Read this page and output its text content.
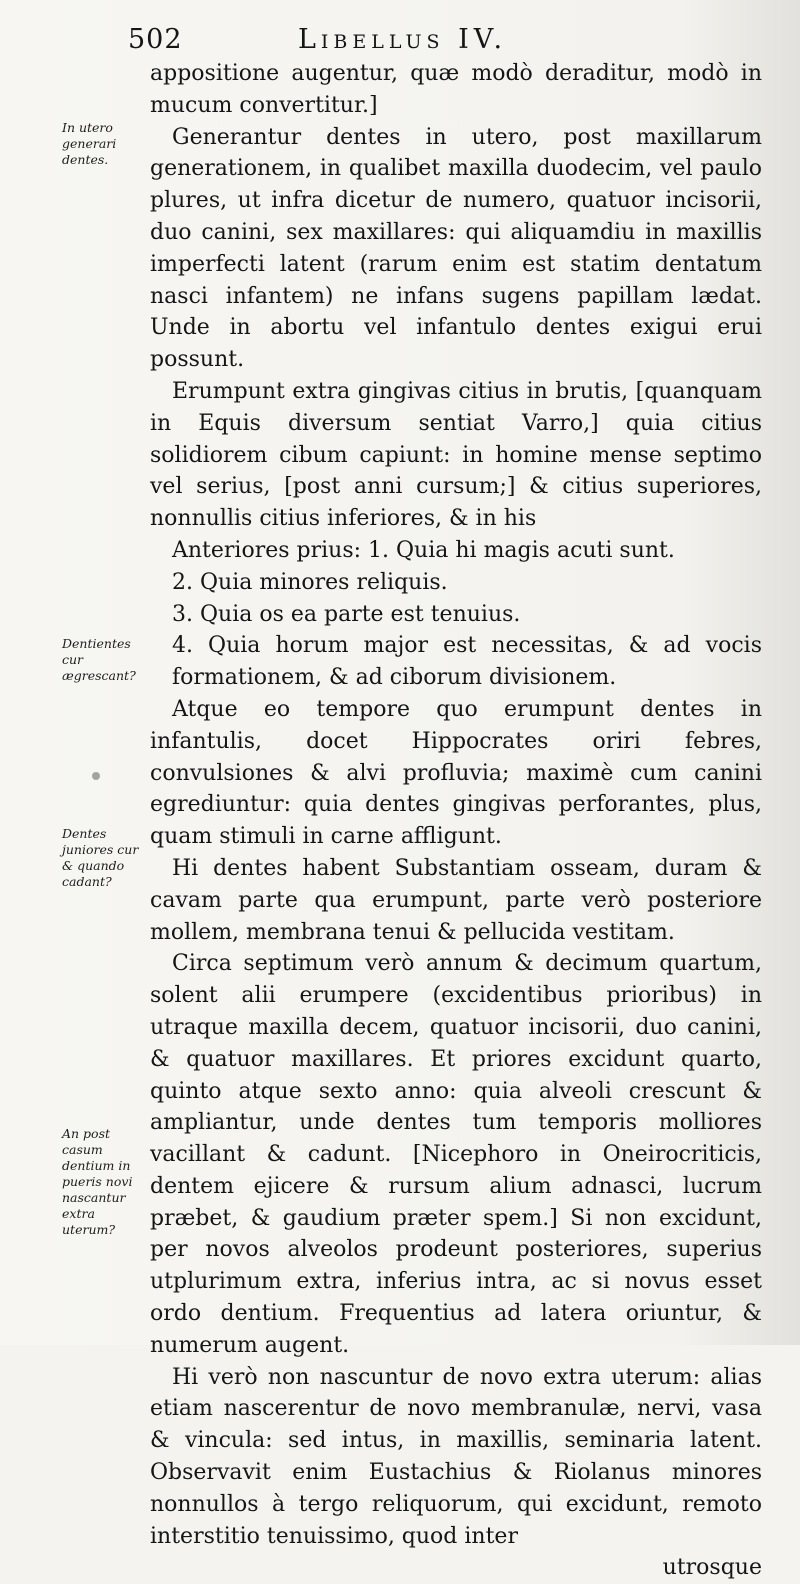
502	Libellus IV.
In utero generari dentes.
Dentientes cur ægrescant?
Dentes juniores cur & quando cadant?
An post casum dentium in pueris novi nascantur extra uterum?

appositione augentur, quæ modò deraditur, modò in mucum convertitur.]

Generantur dentes in utero, post maxillarum generationem, in qualibet maxilla duodecim, vel paulo plures, ut infra dicetur de numero, quatuor incisorii, duo canini, sex maxillares: qui aliquamdiu in maxillis imperfecti latent (rarum enim est statim dentatum nasci infantem) ne infans sugens papillam lædat. Unde in abortu vel infantulo dentes exigui erui possunt.

Erumpunt extra gingivas citius in brutis, [quanquam in Equis diversum sentiat Varro,] quia citius solidiorem cibum capiunt: in homine mense septimo vel serius, [post anni cursum;] & citius superiores, nonnullis citius inferiores, & in his

Anteriores prius: 1. Quia hi magis acuti sunt.

2. Quia minores reliquis.

3. Quia os ea parte est tenuius.

4. Quia horum major est necessitas, & ad vocis formationem, & ad ciborum divisionem.

Atque eo tempore quo erumpunt dentes in infantulis, docet Hippocrates oriri febres, convulsiones & alvi profluvia; maximè cum canini egrediuntur: quia dentes gingivas perforantes, plus, quam stimuli in carne affligunt.

Hi dentes habent Substantiam osseam, duram & cavam parte qua erumpunt, parte verò posteriore mollem, membrana tenui & pellucida vestitam.

Circa septimum verò annum & decimum quartum, solent alii erumpere (excidentibus prioribus) in utraque maxilla decem, quatuor incisorii, duo canini, & quatuor maxillares. Et priores excidunt quarto, quinto atque sexto anno: quia alveoli crescunt & ampliantur, unde dentes tum temporis molliores vacillant & cadunt. [Nicephoro in Oneirocriticis, dentem ejicere & rursum alium adnasci, lucrum præbet, & gaudium præter spem.] Si non excidunt, per novos alveolos prodeunt posteriores, superius utplurimum extra, inferius intra, ac si novus esset ordo dentium. Frequentius ad latera oriuntur, & numerum augent.

Hi verò non nascuntur de novo extra uterum: alias etiam nascerentur de novo membranulæ, nervi, vasa & vincula: sed intus, in maxillis, seminaria latent. Observavit enim Eustachius & Riolanus minores nonnullos à tergo reliquorum, qui excidunt, remoto interstitio tenuissimo, quod inter

utrosque
